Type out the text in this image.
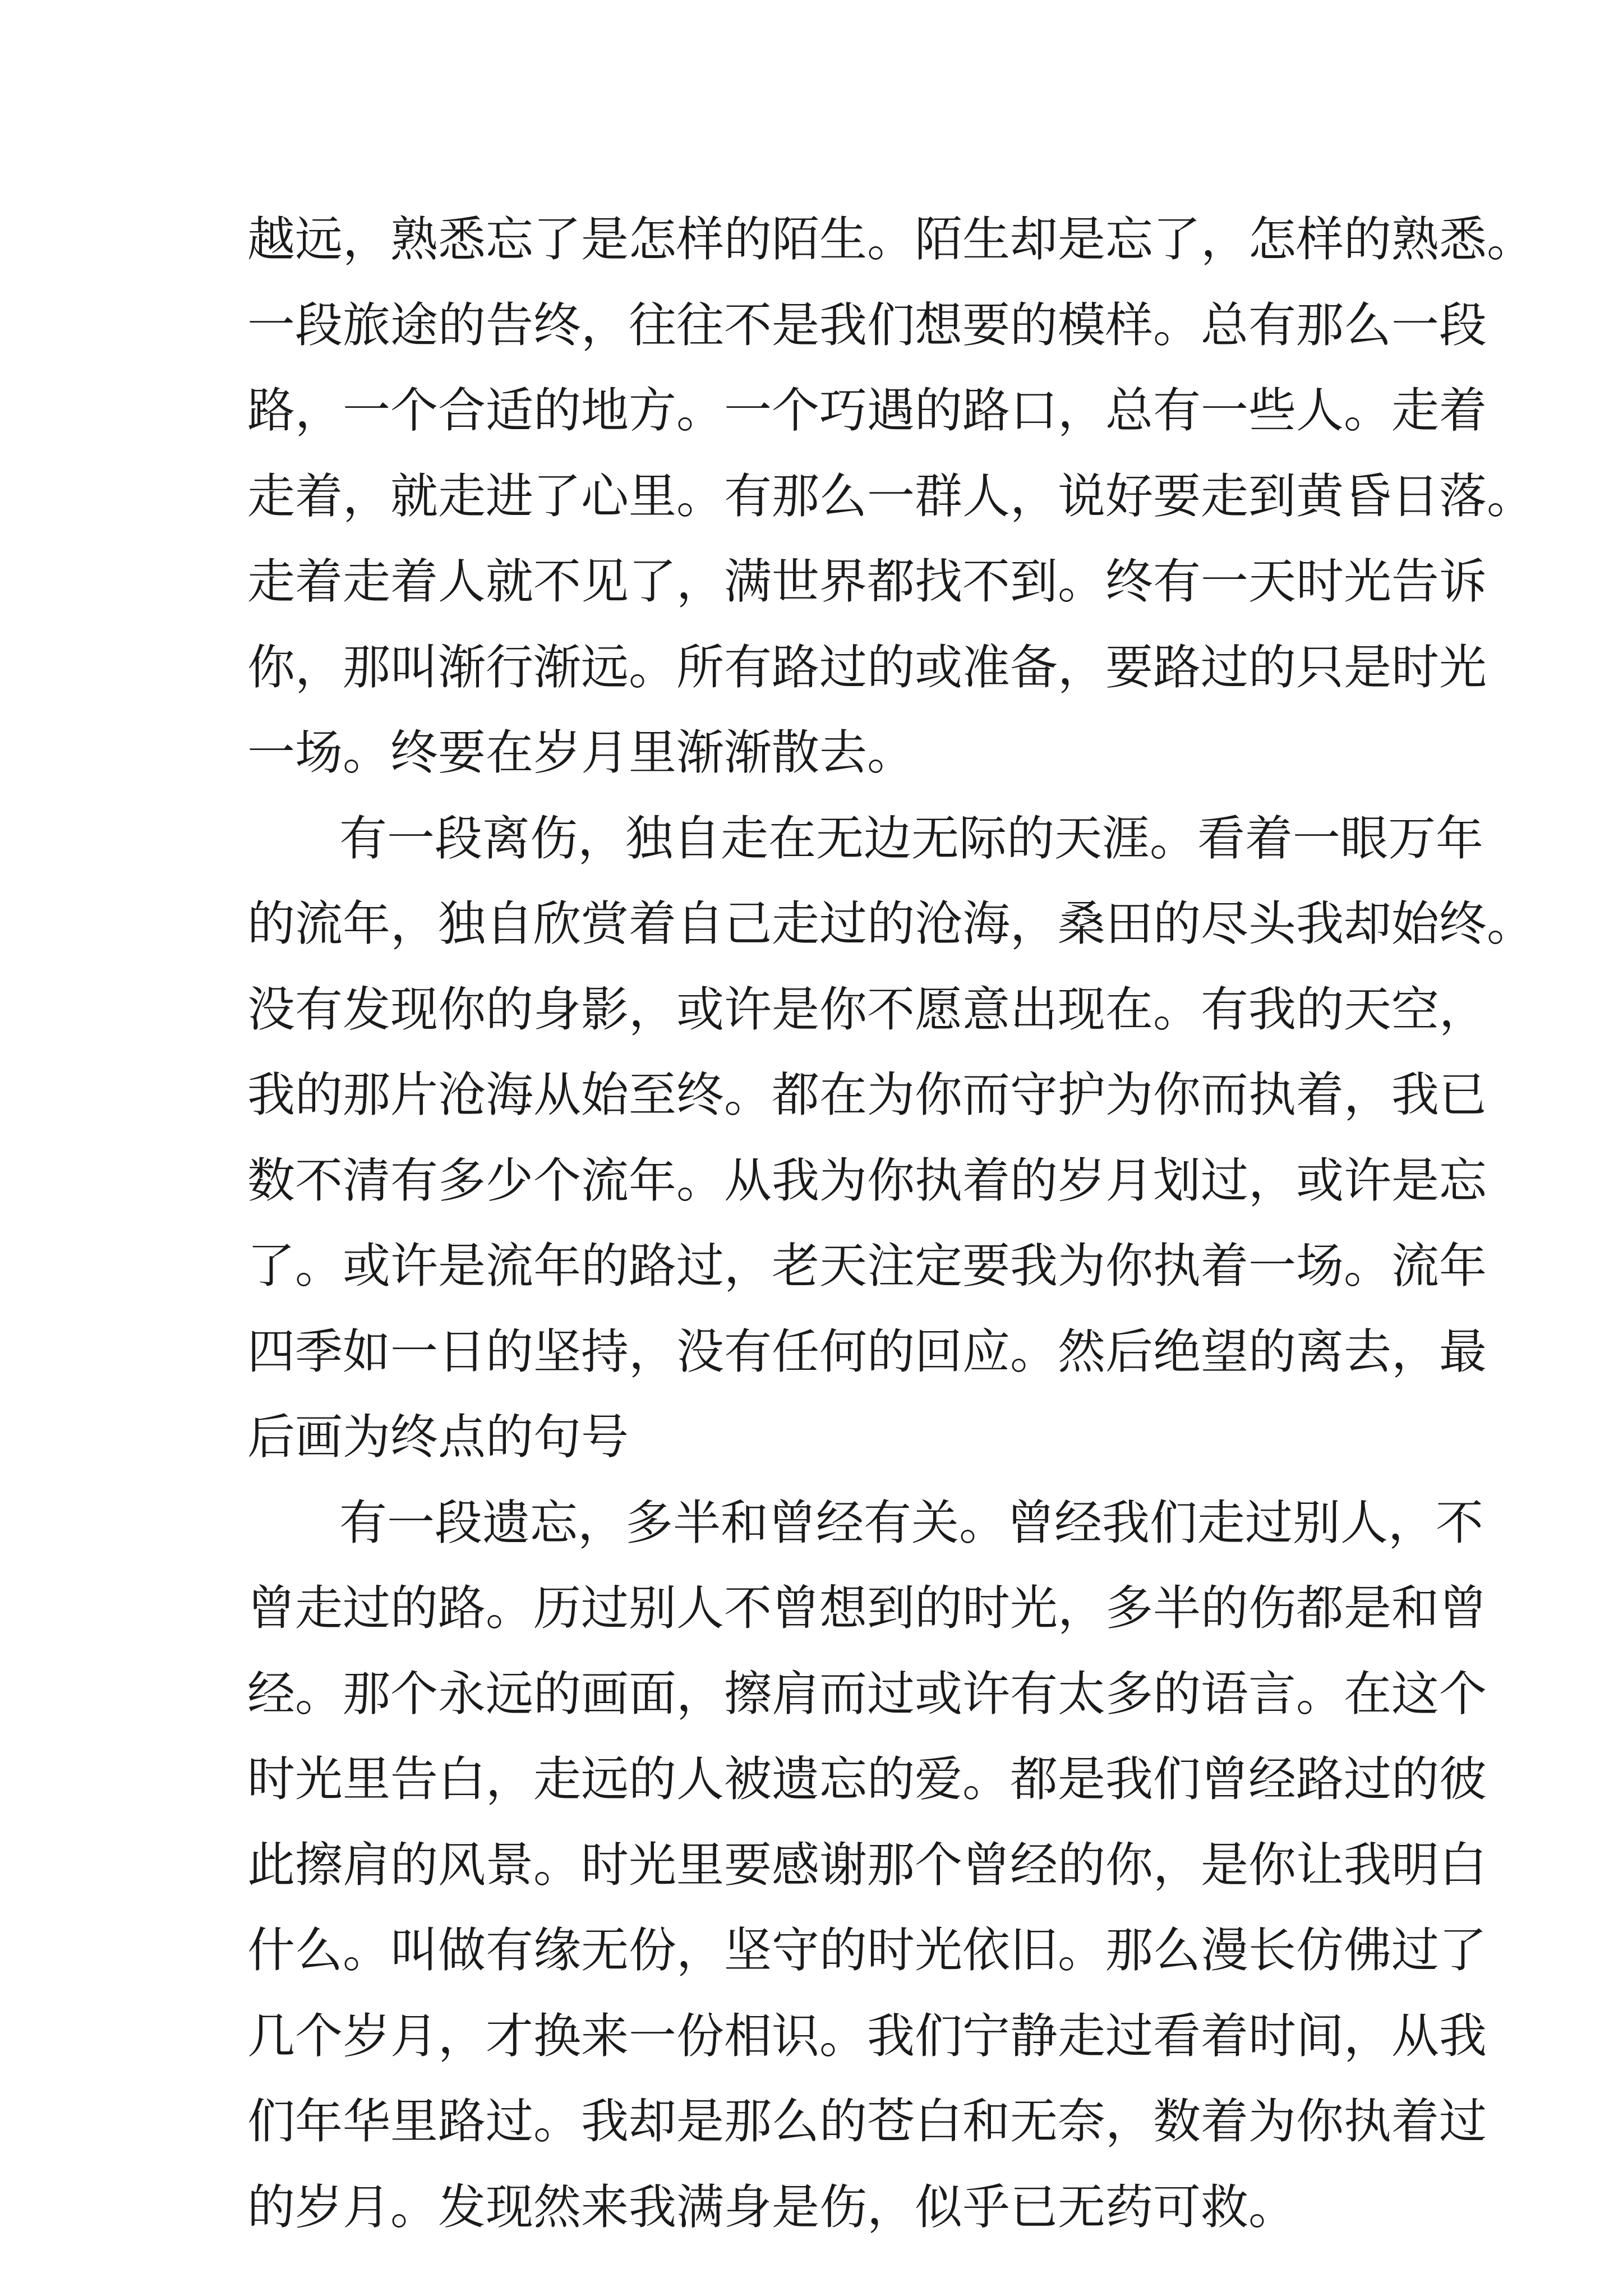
越远，熟悉忘了是怎样的陌生。陌生却是忘了，怎样的熟悉。
一段旅途的告终，往往不是我们想要的模样。总有那么一段
路，一个合适的地方。一个巧遇的路口，总有一些人。走着
走着，就走进了心里。有那么一群人，说好要走到黄昏日落。
走着走着人就不见了，满世界都找不到。终有一天时光告诉
你，那叫渐行渐远。所有路过的或准备，要路过的只是时光
一场。终要在岁月里渐渐散去。
有一段离伤，独自走在无边无际的天涯。看着一眼万年
的流年，独自欣赏着自己走过的沧海，桑田的尽头我却始终。
没有发现你的身影，或许是你不愿意出现在。有我的天空，
我的那片沧海从始至终。都在为你而守护为你而执着，我已
数不清有多少个流年。从我为你执着的岁月划过，或许是忘
了。或许是流年的路过，老天注定要我为你执着一场。流年
四季如一日的坚持，没有任何的回应。然后绝望的离去，最
后画为终点的句号
有一段遗忘，多半和曾经有关。曾经我们走过别人，不
曾走过的路。历过别人不曾想到的时光，多半的伤都是和曾
经。那个永远的画面，擦肩而过或许有太多的语言。在这个
时光里告白，走远的人被遗忘的爱。都是我们曾经路过的彼
此擦肩的风景。时光里要感谢那个曾经的你，是你让我明白
什么。叫做有缘无份，坚守的时光依旧。那么漫长仿佛过了
几个岁月，才换来一份相识。我们宁静走过看着时间，从我
们年华里路过。我却是那么的苍白和无奈，数着为你执着过
的岁月。发现然来我满身是伤，似乎已无药可救。
